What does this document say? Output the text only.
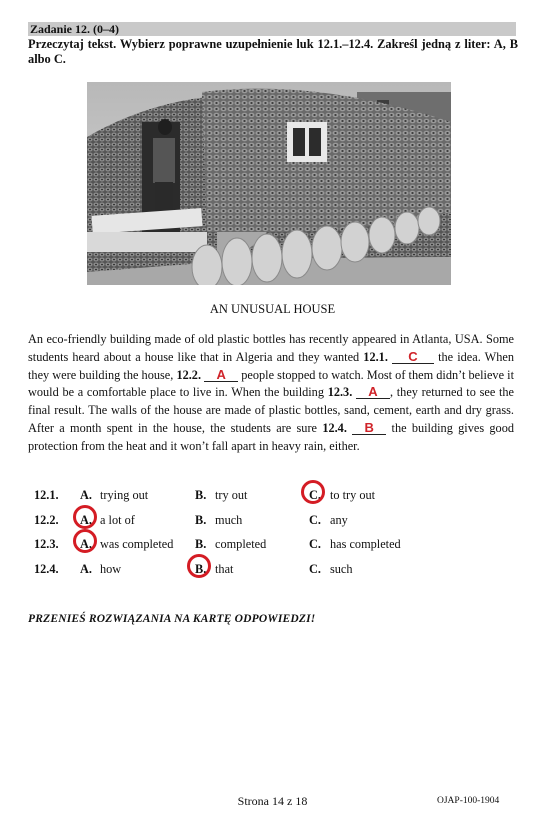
Zadanie 12. (0–4)
Przeczytaj tekst. Wybierz poprawne uzupełnienie luk 12.1.–12.4. Zakreśl jedną z liter: A, B albo C.
AN UNUSUAL HOUSE
An eco-friendly building made of old plastic bottles has recently appeared in Atlanta, USA. Some students heard about a house like that in Algeria and they wanted 12.1. C the idea. When they were building the house, 12.2. A people stopped to watch. Most of them didn’t believe it would be a comfortable place to live in. When the building 12.3. A , they returned to see the final result. The walls of the house are made of plastic bottles, sand, cement, earth and dry grass. After a month spent in the house, the students are sure 12.4. B the building gives good protection from the heat and it won’t fall apart in heavy rain, either.
12.1. A. trying out	B. try out	C. to try out
12.2. A. a lot of	B. much	C. any
12.3. A. was completed B. completed	C. has completed
12.4. A. how	B. that	C. such
PRZENIEŚ ROZWIĄZANIA NA KARTĘ ODPOWIEDZI!
Strona 14 z 18	OJAP-100-1904
